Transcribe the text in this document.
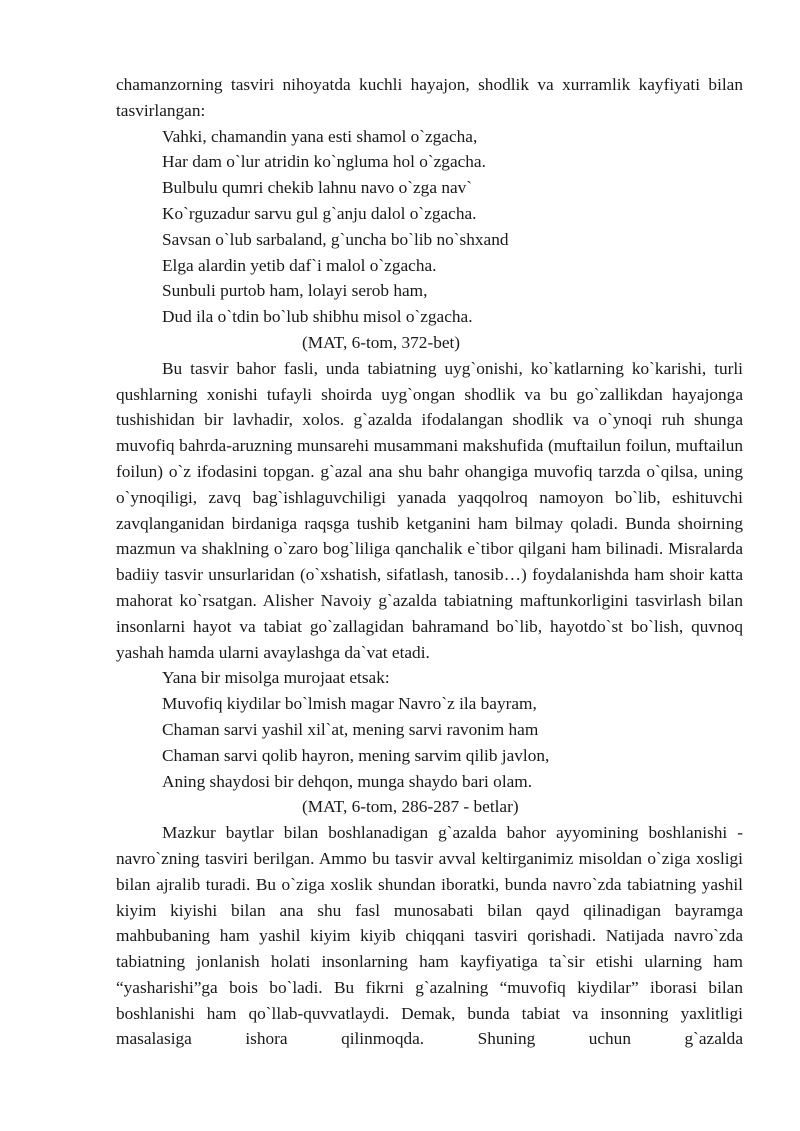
chamanzorning tasviri nihoyatda kuchli hayajon, shodlik va xurramlik kayfiyati bilan tasvirlangan:

Vahki, chamandin yana esti shamol o`zgacha,
Har dam o`lur atridin ko`ngluma hol o`zgacha.
Bulbulu qumri chekib lahnu navo o`zga nav`
Ko`rguzadur sarvu gul g`anju dalol o`zgacha.
Savsan o`lub sarbaland, g`uncha bo`lib no`shxand
Elga alardin yetib daf`i malol o`zgacha.
Sunbuli purtob ham, lolayi serob ham,
Dud ila o`tdin bo`lub shibhu misol o`zgacha.

(MAT, 6-tom, 372-bet)

Bu tasvir bahor fasli, unda tabiatning uyg`onishi, ko`katlarning ko`karishi, turli qushlarning xonishi tufayli shoirda uyg`ongan shodlik va bu go`zallikdan hayajonga tushishidan bir lavhadir, xolos. g`azalda ifodalangan shodlik va o`ynoqi ruh shunga muvofiq bahrda-aruzning munsarehi musammani makshufida (muftailun foilun, muftailun foilun) o`z ifodasini topgan. g`azal ana shu bahr ohangiga muvofiq tarzda o`qilsa, uning o`ynoqiligi, zavq bag`ishlaguvchiligi yanada yaqqolroq namoyon bo`lib, eshituvchi zavqlanganidan birdaniga raqsga tushib ketganini ham bilmay qoladi. Bunda shoirning mazmun va shaklning o`zaro bog`liliga qanchalik e`tibor qilgani ham bilinadi. Misralarda badiiy tasvir unsurlaridan (o`xshatish, sifatlash, tanosib…) foydalanishda ham shoir katta mahorat ko`rsatgan. Alisher Navoiy g`azalda tabiatning maftunkorligini tasvirlash bilan insonlarni hayot va tabiat go`zallagidan bahramand bo`lib, hayotdo`st bo`lish, quvnoq yashah hamda ularni avaylashga da`vat etadi.

Yana bir misolga murojaat etsak:

Muvofiq kiydilar bo`lmish magar Navro`z ila bayram,
Chaman sarvi yashil xil`at, mening sarvi ravonim ham
Chaman sarvi qolib hayron, mening sarvim qilib javlon,
Aning shaydosi bir dehqon, munga shaydo bari olam.

(MAT, 6-tom, 286-287 - betlar)

Mazkur baytlar bilan boshlanadigan g`azalda bahor ayyomining boshlanishi - navro`zning tasviri berilgan. Ammo bu tasvir avval keltirganimiz misoldan o`ziga xosligi bilan ajralib turadi. Bu o`ziga xoslik shundan iboratki, bunda navro`zda tabiatning yashil kiyim kiyishi bilan ana shu fasl munosabati bilan qayd qilinadigan bayramga mahbubaning ham yashil kiyim kiyib chiqqani tasviri qorishadi. Natijada navro`zda tabiatning jonlanish holati insonlarning ham kayfiyatiga ta`sir etishi ularning ham “yasharishi”ga bois bo`ladi. Bu fikrni g`azalning “muvofiq kiydilar” iborasi bilan boshlanishi ham qo`llab-quvvatlaydi. Demak, bunda tabiat va insonning yaxlitligi masalasiga ishora qilinmoqda. Shuning uchun g`azalda
